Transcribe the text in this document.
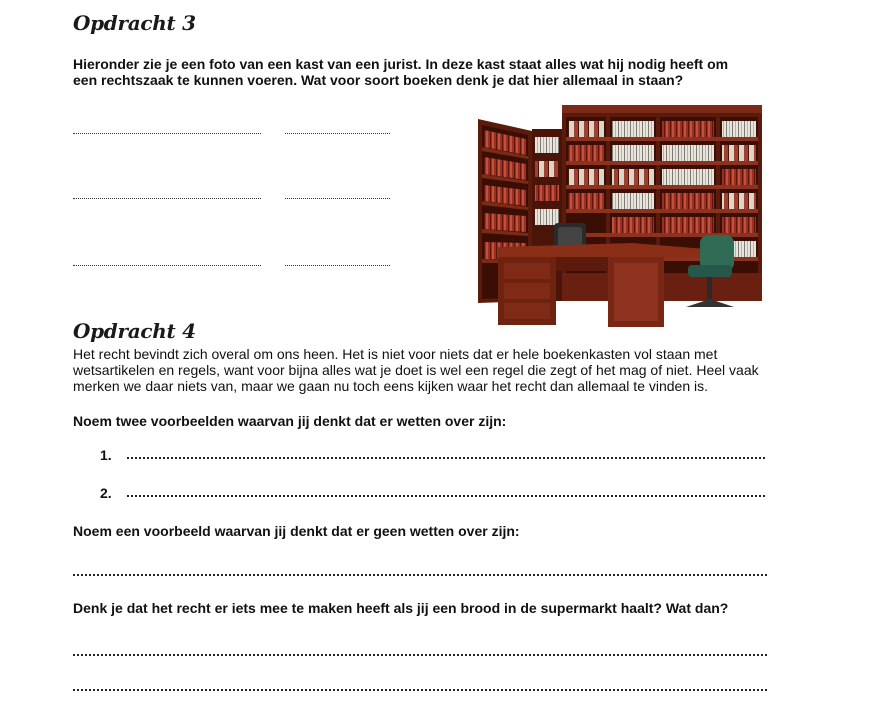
Opdracht 3

Hieronder zie je een foto van een kast van een jurist. In deze kast staat alles wat hij nodig heeft om

een rechtszaak te kunnen voeren. Wat voor soort boeken denk je dat hier allemaal in staan?

Opdracht 4

Het recht bevindt zich overal om ons heen. Het is niet voor niets dat er hele boekenkasten vol staan met

wetsartikelen en regels, want voor bijna alles wat je doet is wel een regel die zegt of het mag of niet. Heel vaak

merken we daar niets van, maar we gaan nu toch eens kijken waar het recht dan allemaal te vinden is.

Noem twee voorbeelden waarvan jij denkt dat er wetten over zijn:

1.

2.

Noem een voorbeeld waarvan jij denkt dat er geen wetten over zijn:

Denk je dat het recht er iets mee te maken heeft als jij een brood in de supermarkt haalt? Wat dan?
